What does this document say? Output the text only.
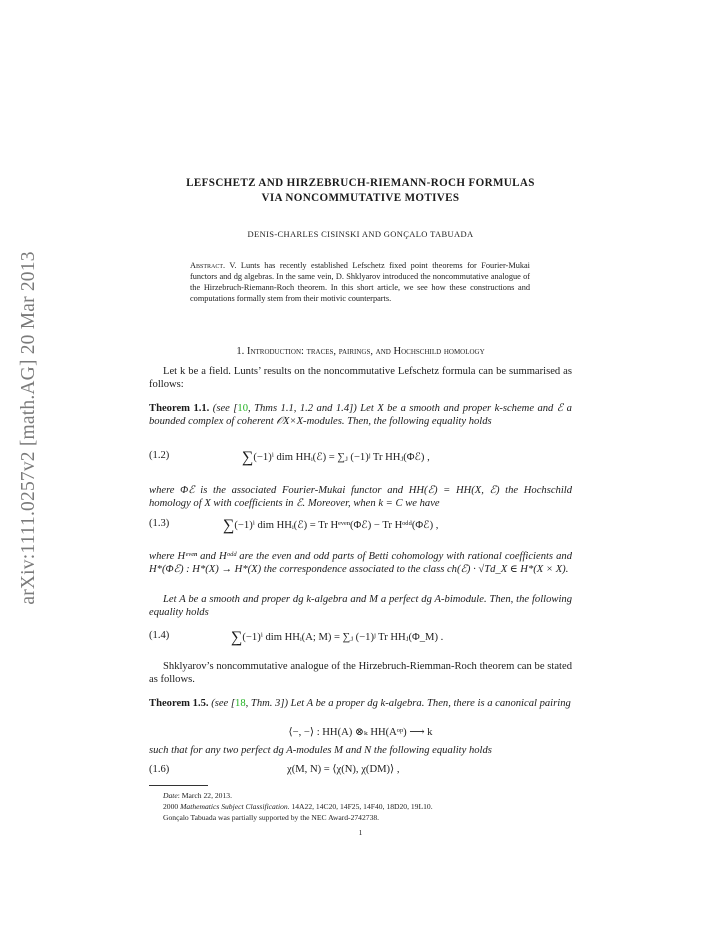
arXiv:1111.0257v2 [math.AG] 20 Mar 2013
LEFSCHETZ AND HIRZEBRUCH-RIEMANN-ROCH FORMULAS
VIA NONCOMMUTATIVE MOTIVES
DENIS-CHARLES CISINSKI AND GONÇALO TABUADA
Abstract. V. Lunts has recently established Lefschetz fixed point theorems for Fourier-Mukai functors and dg algebras. In the same vein, D. Shklyarov introduced the noncommutative analogue of the Hirzebruch-Riemann-Roch theorem. In this short article, we see how these constructions and computations formally stem from their motivic counterparts.
1. Introduction: traces, pairings, and Hochschild homology
Let k be a field. Lunts’ results on the noncommutative Lefschetz formula can be summarised as follows:
Theorem 1.1. (see [10, Thms 1.1, 1.2 and 1.4]) Let X be a smooth and proper k-scheme and ℰ a bounded complex of coherent 𝒪X×X-modules. Then, the following equality holds
(1.2)	∑(−1)ⁱ dim HHᵢ(ℰ) = ∑ⱼ (−1)ʲ Tr HHⱼ(Φℰ) ,
where Φℰ is the associated Fourier-Mukai functor and HH(ℰ) = HH(X, ℰ) the Hochschild homology of X with coefficients in ℰ. Moreover, when k = C we have
(1.3)	∑(−1)ⁱ dim HHᵢ(ℰ) = Tr Hᵉᵛᵉⁿ(Φℰ) − Tr Hᵒᵈᵈ(Φℰ) ,
where Hᵉᵛᵉⁿ and Hᵒᵈᵈ are the even and odd parts of Betti cohomology with rational coefficients and H*(Φℰ) : H*(X) → H*(X) the correspondence associated to the class ch(ℰ) · √Td_X ∈ H*(X × X).
Let A be a smooth and proper dg k-algebra and M a perfect dg A-bimodule. Then, the following equality holds
(1.4)	∑(−1)ⁱ dim HHᵢ(A; M) = ∑ⱼ (−1)ʲ Tr HHⱼ(Φ_M) .
Shklyarov’s noncommutative analogue of the Hirzebruch-Riemman-Roch theorem can be stated as follows.
Theorem 1.5. (see [18, Thm. 3]) Let A be a proper dg k-algebra. Then, there is a canonical pairing
⟨−, −⟩ : HH(A) ⊗ₖ HH(Aᵒᵖ) ⟶ k
such that for any two perfect dg A-modules M and N the following equality holds
(1.6)	χ(M, N) = ⟨χ(N), χ(DM)⟩ ,
Date: March 22, 2013.
2000 Mathematics Subject Classification. 14A22, 14C20, 14F25, 14F40, 18D20, 19L10.
Gonçalo Tabuada was partially supported by the NEC Award-2742738.
1
